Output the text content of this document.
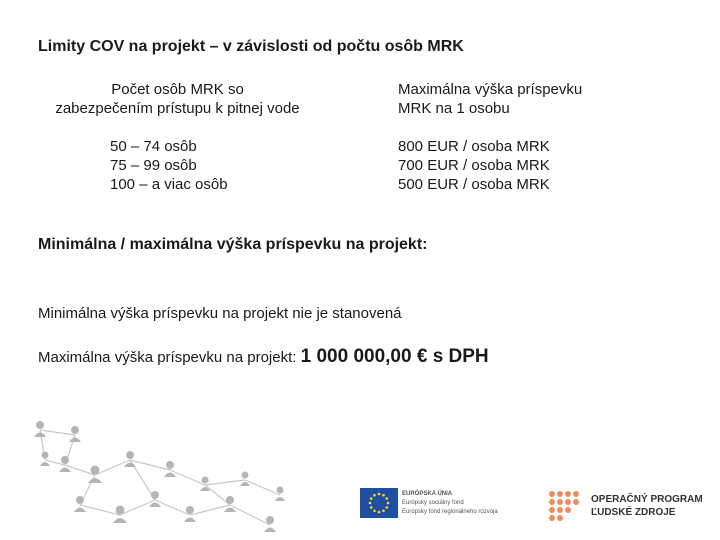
Limity COV na projekt – v závislosti od počtu osôb MRK
Počet osôb MRK so
zabezpečením prístupu k pitnej vode
Maximálna výška príspevku
MRK na 1 osobu
50 – 74 osôb
75 – 99 osôb
100 – a viac osôb
800 EUR / osoba MRK
700 EUR / osoba MRK
500 EUR / osoba MRK
Minimálna / maximálna výška príspevku na projekt:
Minimálna výška príspevku na projekt nie je stanovená
Maximálna výška príspevku na projekt: 1 000 000,00 € s DPH
EURÓPSKA ÚNIA
Európsky sociálny fond
Európsky fond regionálneho rozvoja
OPERAČNÝ PROGRAM
ĽUDSKÉ ZDROJE
